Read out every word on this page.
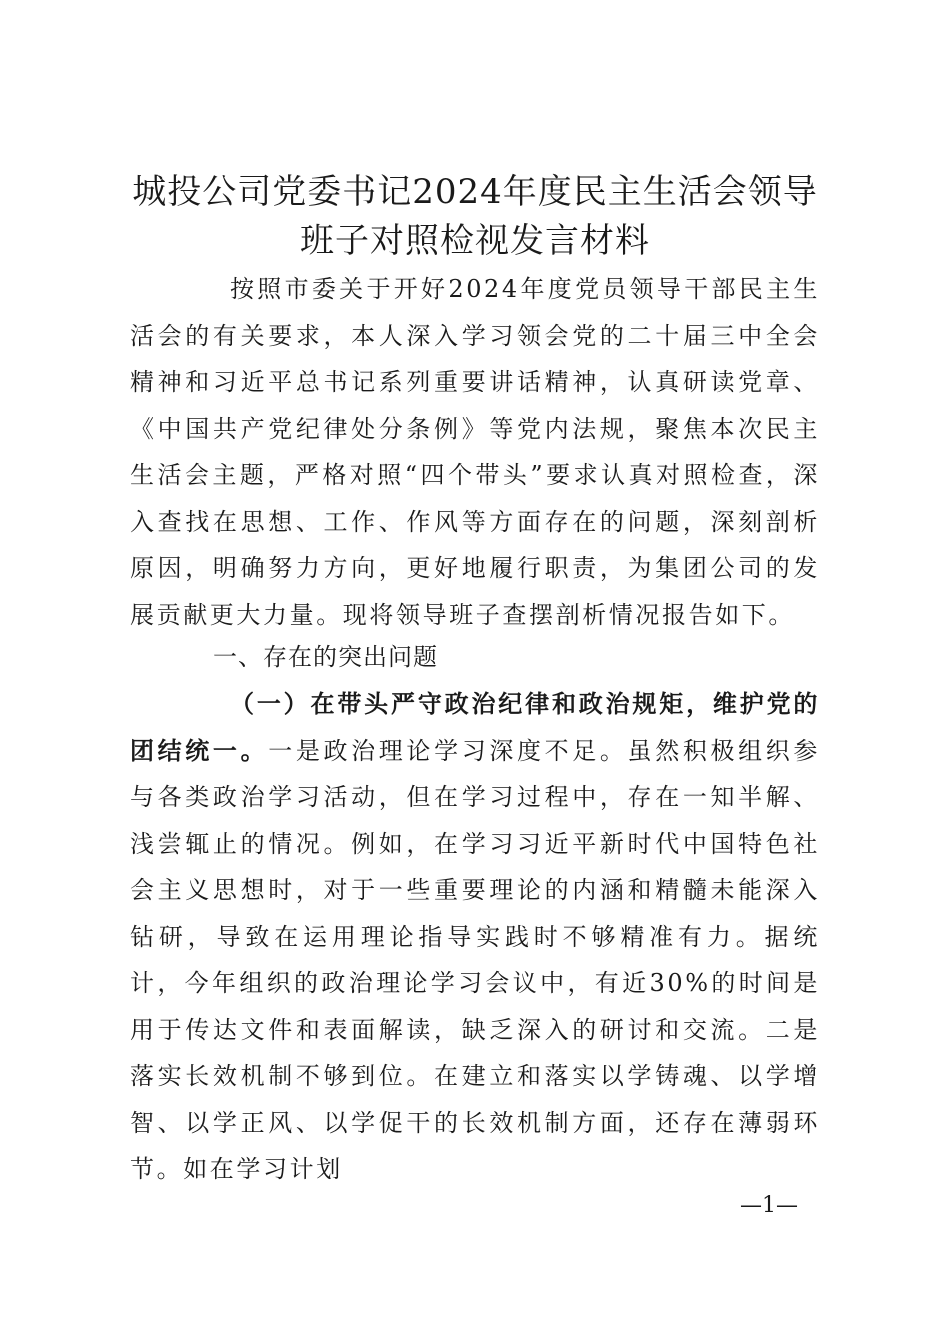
城投公司党委书记2024年度民主生活会领导
班子对照检视发言材料

按照市委关于开好2024年度党员领导干部民主生活会的有关要求，本人深入学习领会党的二十届三中全会精神和习近平总书记系列重要讲话精神，认真研读党章、《中国共产党纪律处分条例》等党内法规，聚焦本次民主生活会主题，严格对照“四个带头”要求认真对照检查，深入查找在思想、工作、作风等方面存在的问题，深刻剖析原因，明确努力方向，更好地履行职责，为集团公司的发展贡献更大力量。现将领导班子查摆剖析情况报告如下。

一、存在的突出问题

（一）在带头严守政治纪律和政治规矩，维护党的团结统一。一是政治理论学习深度不足。虽然积极组织参与各类政治学习活动，但在学习过程中，存在一知半解、浅尝辄止的情况。例如，在学习习近平新时代中国特色社会主义思想时，对于一些重要理论的内涵和精髓未能深入钻研，导致在运用理论指导实践时不够精准有力。据统计，今年组织的政治理论学习会议中，有近30%的时间是用于传达文件和表面解读，缺乏深入的研讨和交流。二是落实长效机制不够到位。在建立和落实以学铸魂、以学增智、以学正风、以学促干的长效机制方面，还存在薄弱环节。如在学习计划

—1—
